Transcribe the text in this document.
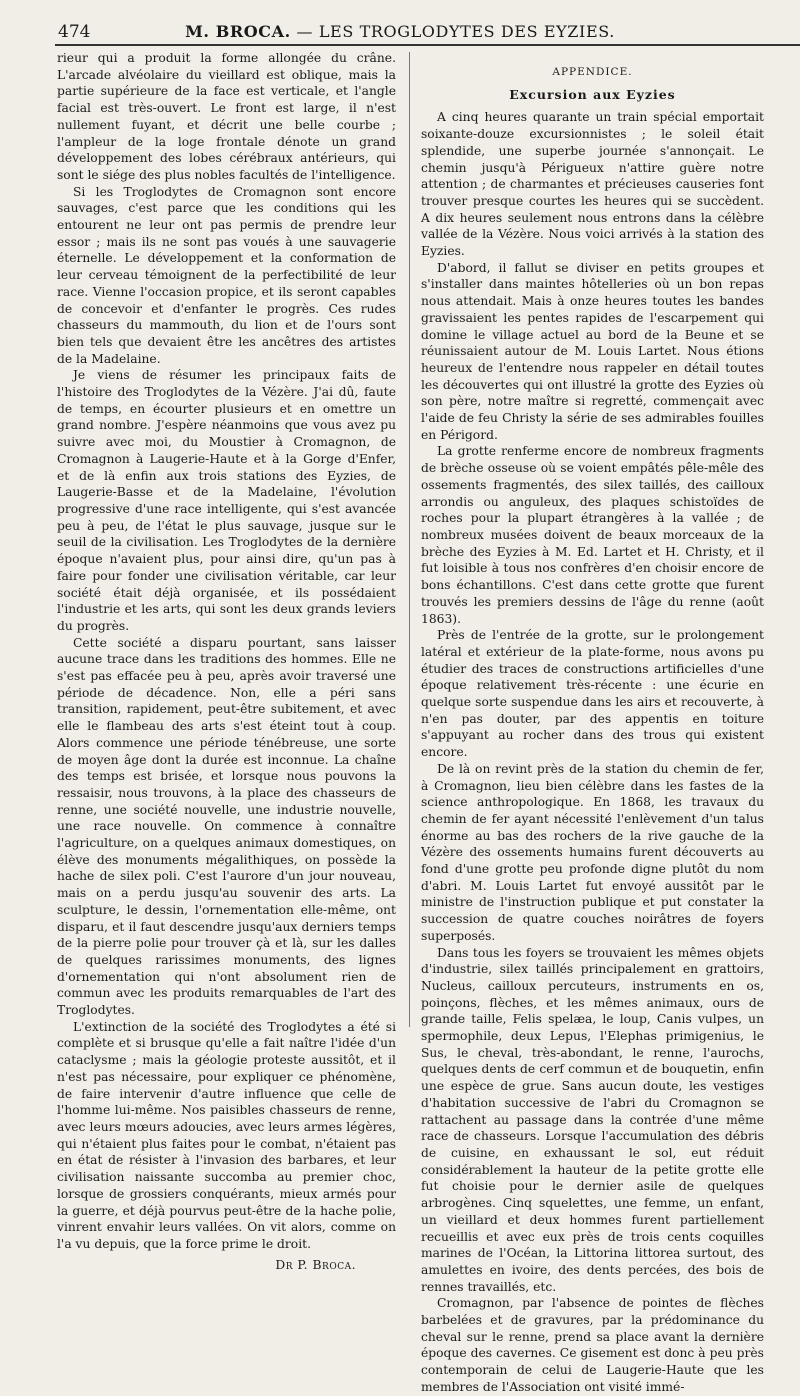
474	M. BROCA. — LES TROGLODYTES DES EYZIES.

rieur qui a produit la forme allongée du crâne. L'arcade alvéolaire du vieillard est oblique, mais la partie supérieure de la face est verticale, et l'angle facial est très-ouvert. Le front est large, il n'est nullement fuyant, et décrit une belle courbe ; l'ampleur de la loge frontale dénote un grand développement des lobes cérébraux antérieurs, qui sont le siége des plus nobles facultés de l'intelligence.

Si les Troglodytes de Cromagnon sont encore sauvages, c'est parce que les conditions qui les entourent ne leur ont pas permis de prendre leur essor ; mais ils ne sont pas voués à une sauvagerie éternelle. Le développement et la conformation de leur cerveau témoignent de la perfectibilité de leur race. Vienne l'occasion propice, et ils seront capables de concevoir et d'enfanter le progrès. Ces rudes chasseurs du mammouth, du lion et de l'ours sont bien tels que devaient être les ancêtres des artistes de la Madelaine.

Je viens de résumer les principaux faits de l'histoire des Troglodytes de la Vézère. J'ai dû, faute de temps, en écourter plusieurs et en omettre un grand nombre. J'espère néanmoins que vous avez pu suivre avec moi, du Moustier à Cromagnon, de Cromagnon à Laugerie-Haute et à la Gorge d'Enfer, et de là enfin aux trois stations des Eyzies, de Laugerie-Basse et de la Madelaine, l'évolution progressive d'une race intelligente, qui s'est avancée peu à peu, de l'état le plus sauvage, jusque sur le seuil de la civilisation. Les Troglodytes de la dernière époque n'avaient plus, pour ainsi dire, qu'un pas à faire pour fonder une civilisation véritable, car leur société était déjà organisée, et ils possédaient l'industrie et les arts, qui sont les deux grands leviers du progrès.

Cette société a disparu pourtant, sans laisser aucune trace dans les traditions des hommes. Elle ne s'est pas effacée peu à peu, après avoir traversé une période de décadence. Non, elle a péri sans transition, rapidement, peut-être subitement, et avec elle le flambeau des arts s'est éteint tout à coup. Alors commence une période ténébreuse, une sorte de moyen âge dont la durée est inconnue. La chaîne des temps est brisée, et lorsque nous pouvons la ressaisir, nous trouvons, à la place des chasseurs de renne, une société nouvelle, une industrie nouvelle, une race nouvelle. On commence à connaître l'agriculture, on a quelques animaux domestiques, on élève des monuments mégalithiques, on possède la hache de silex poli. C'est l'aurore d'un jour nouveau, mais on a perdu jusqu'au souvenir des arts. La sculpture, le dessin, l'ornementation elle-même, ont disparu, et il faut descendre jusqu'aux derniers temps de la pierre polie pour trouver çà et là, sur les dalles de quelques rarissimes monuments, des lignes d'ornementation qui n'ont absolument rien de commun avec les produits remarquables de l'art des Troglodytes.

L'extinction de la société des Troglodytes a été si complète et si brusque qu'elle a fait naître l'idée d'un cataclysme ; mais la géologie proteste aussitôt, et il n'est pas nécessaire, pour expliquer ce phénomène, de faire intervenir d'autre influence que celle de l'homme lui-même. Nos paisibles chasseurs de renne, avec leurs mœurs adoucies, avec leurs armes légères, qui n'étaient plus faites pour le combat, n'étaient pas en état de résister à l'invasion des barbares, et leur civilisation naissante succomba au premier choc, lorsque de grossiers conquérants, mieux armés pour la guerre, et déjà pourvus peut-être de la hache polie, vinrent envahir leurs vallées. On vit alors, comme on l'a vu depuis, que la force prime le droit.

Dr P. Broca.
APPENDICE.
Excursion aux Eyzies

A cinq heures quarante un train spécial emportait soixante-douze excursionnistes ; le soleil était splendide, une superbe journée s'annonçait. Le chemin jusqu'à Périgueux n'attire guère notre attention ; de charmantes et précieuses causeries font trouver presque courtes les heures qui se succèdent. A dix heures seulement nous entrons dans la célèbre vallée de la Vézère. Nous voici arrivés à la station des Eyzies.

D'abord, il fallut se diviser en petits groupes et s'installer dans maintes hôtelleries où un bon repas nous attendait. Mais à onze heures toutes les bandes gravissaient les pentes rapides de l'escarpement qui domine le village actuel au bord de la Beune et se réunissaient autour de M. Louis Lartet. Nous étions heureux de l'entendre nous rappeler en détail toutes les découvertes qui ont illustré la grotte des Eyzies où son père, notre maître si regretté, commençait avec l'aide de feu Christy la série de ses admirables fouilles en Périgord.

La grotte renferme encore de nombreux fragments de brèche osseuse où se voient empâtés pêle-mêle des ossements fragmentés, des silex taillés, des cailloux arrondis ou anguleux, des plaques schistoïdes de roches pour la plupart étrangères à la vallée ; de nombreux musées doivent de beaux morceaux de la brèche des Eyzies à M. Ed. Lartet et H. Christy, et il fut loisible à tous nos confrères d'en choisir encore de bons échantillons. C'est dans cette grotte que furent trouvés les premiers dessins de l'âge du renne (août 1863).

Près de l'entrée de la grotte, sur le prolongement latéral et extérieur de la plate-forme, nous avons pu étudier des traces de constructions artificielles d'une époque relativement très-récente : une écurie en quelque sorte suspendue dans les airs et recouverte, à n'en pas douter, par des appentis en toiture s'appuyant au rocher dans des trous qui existent encore.

De là on revint près de la station du chemin de fer, à Cromagnon, lieu bien célèbre dans les fastes de la science anthropologique. En 1868, les travaux du chemin de fer ayant nécessité l'enlèvement d'un talus énorme au bas des rochers de la rive gauche de la Vézère des ossements humains furent découverts au fond d'une grotte peu profonde digne plutôt du nom d'abri. M. Louis Lartet fut envoyé aussitôt par le ministre de l'instruction publique et put constater la succession de quatre couches noirâtres de foyers superposés.

Dans tous les foyers se trouvaient les mêmes objets d'industrie, silex taillés principalement en grattoirs, Nucleus, cailloux percuteurs, instruments en os, poinçons, flèches, et les mêmes animaux, ours de grande taille, Felis spelæa, le loup, Canis vulpes, un spermophile, deux Lepus, l'Elephas primigenius, le Sus, le cheval, très-abondant, le renne, l'aurochs, quelques dents de cerf commun et de bouquetin, enfin une espèce de grue. Sans aucun doute, les vestiges d'habitation successive de l'abri du Cromagnon se rattachent au passage dans la contrée d'une même race de chasseurs. Lorsque l'accumulation des débris de cuisine, en exhaussant le sol, eut réduit considérablement la hauteur de la petite grotte elle fut choisie pour le dernier asile de quelques arbrogènes. Cinq squelettes, une femme, un enfant, un vieillard et deux hommes furent partiellement recueillis et avec eux près de trois cents coquilles marines de l'Océan, la Littorina littorea surtout, des amulettes en ivoire, des dents percées, des bois de rennes travaillés, etc.

Cromagnon, par l'absence de pointes de flèches barbelées et de gravures, par la prédominance du cheval sur le renne, prend sa place avant la dernière époque des cavernes. Ce gisement est donc à peu près contemporain de celui de Laugerie-Haute que les membres de l'Association ont visité immé-
